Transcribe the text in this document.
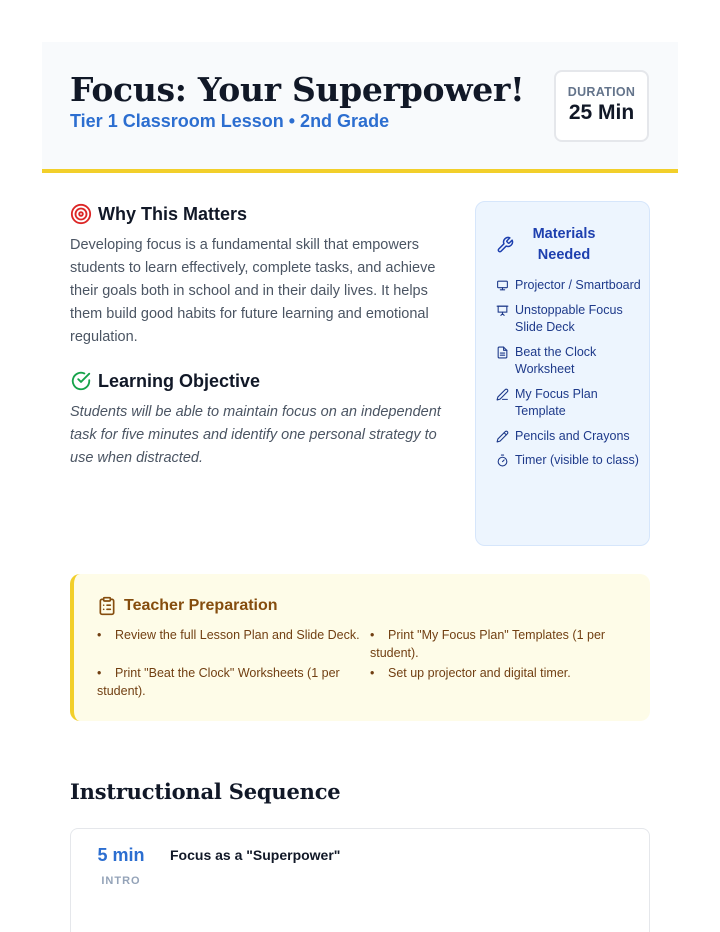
Focus: Your Superpower!
Tier 1 Classroom Lesson • 2nd Grade
DURATION
25 Min
Why This Matters

Developing focus is a fundamental skill that empowers students to learn effectively, complete tasks, and achieve their goals both in school and in their daily lives. It helps them build good habits for future learning and emotional regulation.

Learning Objective

Students will be able to maintain focus on an independent task for five minutes and identify one personal strategy to use when distracted.

Materials Needed
Projector / Smartboard
Unstoppable Focus Slide Deck
Beat the Clock Worksheet
My Focus Plan Template
Pencils and Crayons
Timer (visible to class)
Teacher Preparation
• Review the full Lesson Plan and Slide Deck. • Print "My Focus Plan" Templates (1 per student).
• Print "Beat the Clock" Worksheets (1 per student).
• Set up projector and digital timer.
Instructional Sequence
5 min
INTRO
Focus as a "Superpower"
